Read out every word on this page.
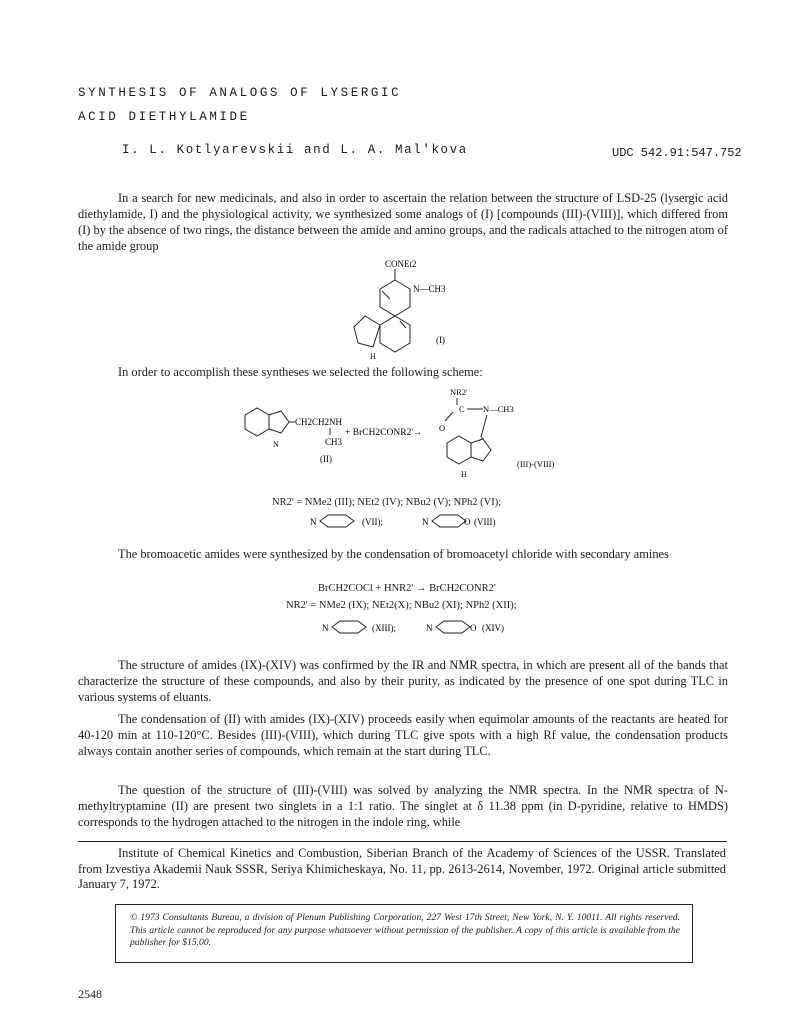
SYNTHESIS OF ANALOGS OF LYSERGIC
ACID DIETHYLAMIDE
I. L. Kotlyarevskii and L. A. Mal'kova	UDC 542.91:547.752

In a search for new medicinals, and also in order to ascertain the relation between the structure of LSD-25 (lysergic acid diethylamide, I) and the physiological activity, we synthesized some analogs of (I) [compounds (III)-(VIII)], which differed from (I) by the absence of two rings, the distance between the amide and amino groups, and the radicals attached to the nitrogen atom of the amide group

CONEt2
N—CH3
(I)
H

In order to accomplish these syntheses we selected the following scheme:

CH2CH2NH
CH3
N
(II)
+ BrCH2CONR2'→
NR2'
C
O
N—CH3
H
(III)-(VIII)
NR2' = NMe2 (III); NEt2 (IV); NBu2 (V); NPh2 (VI);
N	(VII);	N	O (VIII)

The bromoacetic amides were synthesized by the condensation of bromoacetyl chloride with secondary amines

BrCH2COCl + HNR2' → BrCH2CONR2'
NR2' = NMe2 (IX); NEt2(X); NBu2 (XI); NPh2 (XII);
N	(XIII);	N	O (XIV)

The structure of amides (IX)-(XIV) was confirmed by the IR and NMR spectra, in which are present all of the bands that characterize the structure of these compounds, and also by their purity, as indicated by the presence of one spot during TLC in various systems of eluants.

The condensation of (II) with amides (IX)-(XIV) proceeds easily when equimolar amounts of the reactants are heated for 40-120 min at 110-120°C. Besides (III)-(VIII), which during TLC give spots with a high Rf value, the condensation products always contain another series of compounds, which remain at the start during TLC.

The question of the structure of (III)-(VIII) was solved by analyzing the NMR spectra. In the NMR spectra of N-methyltryptamine (II) are present two singlets in a 1:1 ratio. The singlet at δ 11.38 ppm (in D-pyridine, relative to HMDS) corresponds to the hydrogen attached to the nitrogen in the indole ring, while

Institute of Chemical Kinetics and Combustion, Siberian Branch of the Academy of Sciences of the USSR. Translated from Izvestiya Akademii Nauk SSSR, Seriya Khimicheskaya, No. 11, pp. 2613-2614, November, 1972. Original article submitted January 7, 1972.

© 1973 Consultants Bureau, a division of Plenum Publishing Corporation, 227 West 17th Street, New York, N. Y. 10011. All rights reserved. This article cannot be reproduced for any purpose whatsoever without permission of the publisher. A copy of this article is available from the publisher for $15.00.
2548
